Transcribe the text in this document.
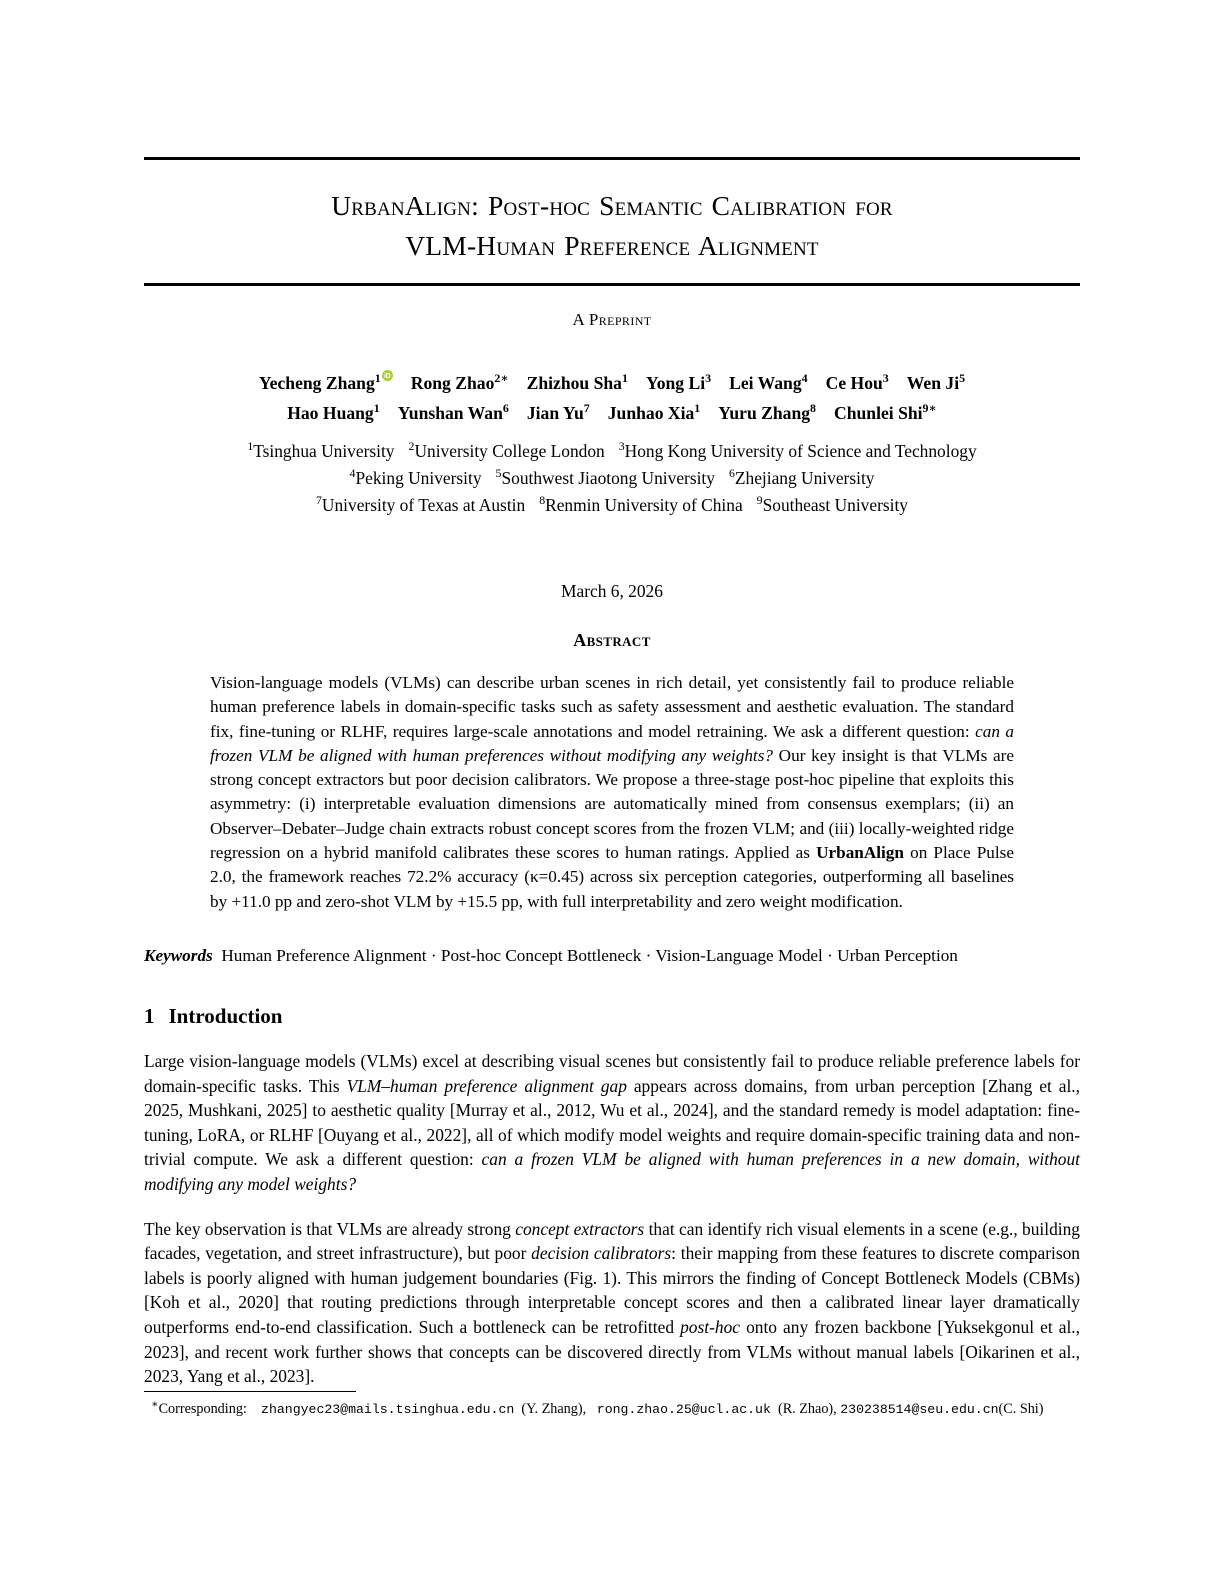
UrbanAlign: Post-hoc Semantic Calibration for
VLM-Human Preference Alignment
A Preprint
Yecheng Zhang$^1$ iD Rong Zhao$^{2∗}$ Zhizhou Sha$^1$ Yong Li$^3$ Lei Wang$^4$ Ce Hou$^3$ Wen Ji$^5$
Hao Huang$^1$ Yunshan Wan$^6$ Jian Yu$^7$ Junhao Xia$^1$ Yuru Zhang$^8$ Chunlei Shi$^{9∗}$
$^1$Tsinghua University $^2$University College London $^3$Hong Kong University of Science and Technology
$^4$Peking University $^5$Southwest Jiaotong University $^6$Zhejiang University
$^7$University of Texas at Austin $^8$Renmin University of China $^9$Southeast University
March 6, 2026
Abstract
Vision-language models (VLMs) can describe urban scenes in rich detail, yet consistently fail to produce reliable human preference labels in domain-specific tasks such as safety assessment and aesthetic evaluation. The standard fix, fine-tuning or RLHF, requires large-scale annotations and model retraining. We ask a different question: can a frozen VLM be aligned with human preferences without modifying any weights? Our key insight is that VLMs are strong concept extractors but poor decision calibrators. We propose a three-stage post-hoc pipeline that exploits this asymmetry: (i) interpretable evaluation dimensions are automatically mined from consensus exemplars; (ii) an Observer–Debater–Judge chain extracts robust concept scores from the frozen VLM; and (iii) locally-weighted ridge regression on a hybrid manifold calibrates these scores to human ratings. Applied as UrbanAlign on Place Pulse 2.0, the framework reaches 72.2% accuracy (κ=0.45) across six perception categories, outperforming all baselines by +11.0 pp and zero-shot VLM by +15.5 pp, with full interpretability and zero weight modification.
Keywords Human Preference Alignment · Post-hoc Concept Bottleneck · Vision-Language Model · Urban Perception
1 Introduction
Large vision-language models (VLMs) excel at describing visual scenes but consistently fail to produce reliable preference labels for domain-specific tasks. This VLM–human preference alignment gap appears across domains, from urban perception [Zhang et al., 2025, Mushkani, 2025] to aesthetic quality [Murray et al., 2012, Wu et al., 2024], and the standard remedy is model adaptation: fine-tuning, LoRA, or RLHF [Ouyang et al., 2022], all of which modify model weights and require domain-specific training data and non-trivial compute. We ask a different question: can a frozen VLM be aligned with human preferences in a new domain, without modifying any model weights?
The key observation is that VLMs are already strong concept extractors that can identify rich visual elements in a scene (e.g., building facades, vegetation, and street infrastructure), but poor decision calibrators: their mapping from these features to discrete comparison labels is poorly aligned with human judgement boundaries (Fig. 1). This mirrors the finding of Concept Bottleneck Models (CBMs) [Koh et al., 2020] that routing predictions through interpretable concept scores and then a calibrated linear layer dramatically outperforms end-to-end classification. Such a bottleneck can be retrofitted post-hoc onto any frozen backbone [Yuksekgonul et al., 2023], and recent work further shows that concepts can be discovered directly from VLMs without manual labels [Oikarinen et al., 2023, Yang et al., 2023].
∗Corresponding: zhangyec23@mails.tsinghua.edu.cn (Y. Zhang), rong.zhao.25@ucl.ac.uk (R. Zhao), 230238514@seu.edu.cn(C. Shi)
